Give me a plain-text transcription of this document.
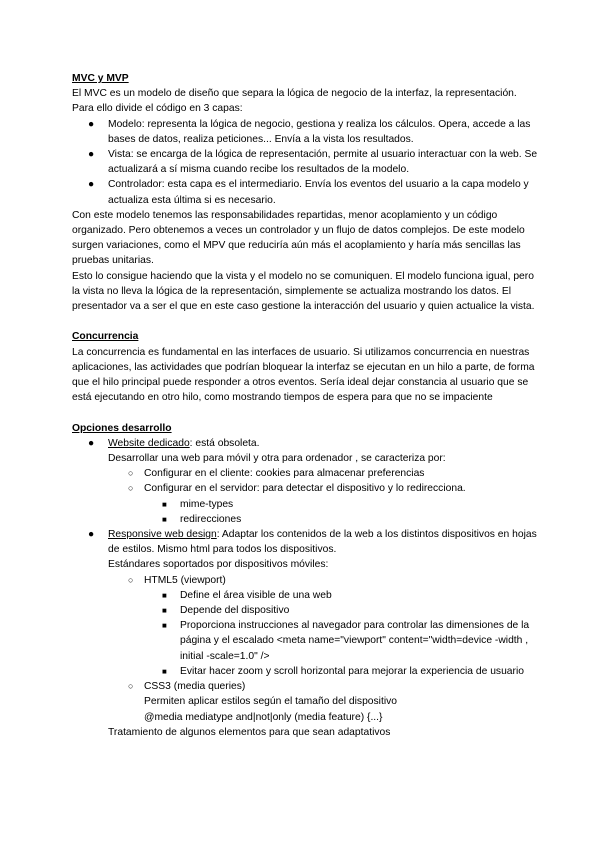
MVC y MVP

El MVC es un modelo de diseño que separa la lógica de negocio de la interfaz, la representación. Para ello divide el código en 3 capas:

● Modelo: representa la lógica de negocio, gestiona y realiza los cálculos. Opera, accede a las bases de datos, realiza peticiones... Envía a la vista los resultados.
● Vista: se encarga de la lógica de representación, permite al usuario interactuar con la web. Se actualizará a sí misma cuando recibe los resultados de la modelo.
● Controlador: esta capa es el intermediario. Envía los eventos del usuario a la capa modelo y actualiza esta última si es necesario.

Con este modelo tenemos las responsabilidades repartidas, menor acoplamiento y un código organizado. Pero obtenemos a veces un controlador y un flujo de datos complejos. De este modelo surgen variaciones, como el MPV que reduciría aún más el acoplamiento y haría más sencillas las pruebas unitarias.

Esto lo consigue haciendo que la vista y el modelo no se comuniquen. El modelo funciona igual, pero la vista no lleva la lógica de la representación, simplemente se actualiza mostrando los datos. El presentador va a ser el que en este caso gestione la interacción del usuario y quien actualice la vista.

Concurrencia

La concurrencia es fundamental en las interfaces de usuario. Si utilizamos concurrencia en nuestras aplicaciones, las actividades que podrían bloquear la interfaz se ejecutan en un hilo a parte, de forma que el hilo principal puede responder a otros eventos. Sería ideal dejar constancia al usuario que se está ejecutando en otro hilo, como mostrando tiempos de espera para que no se impaciente

Opciones desarrollo
● Website dedicado: está obsoleta.
Desarrollar una web para móvil y otra para ordenador , se caracteriza por:
○ Configurar en el cliente: cookies para almacenar preferencias
○ Configurar en el servidor: para detectar el dispositivo y lo redirecciona.
■ mime-types
■ redirecciones
● Responsive web design: Adaptar los contenidos de la web a los distintos dispositivos en hojas de estilos. Mismo html para todos los dispositivos.
Estándares soportados por dispositivos móviles:
○ HTML5 (viewport)
■ Define el área visible de una web
■ Depende del dispositivo
■ Proporciona instrucciones al navegador para controlar las dimensiones de la página y el escalado <meta name="viewport" content="width=device -width , initial -scale=1.0" />
■ Evitar hacer zoom y scroll horizontal para mejorar la experiencia de usuario
○ CSS3 (media queries)
Permiten aplicar estilos según el tamaño del dispositivo
@media mediatype and|not|only (media feature) {...}
Tratamiento de algunos elementos para que sean adaptativos
